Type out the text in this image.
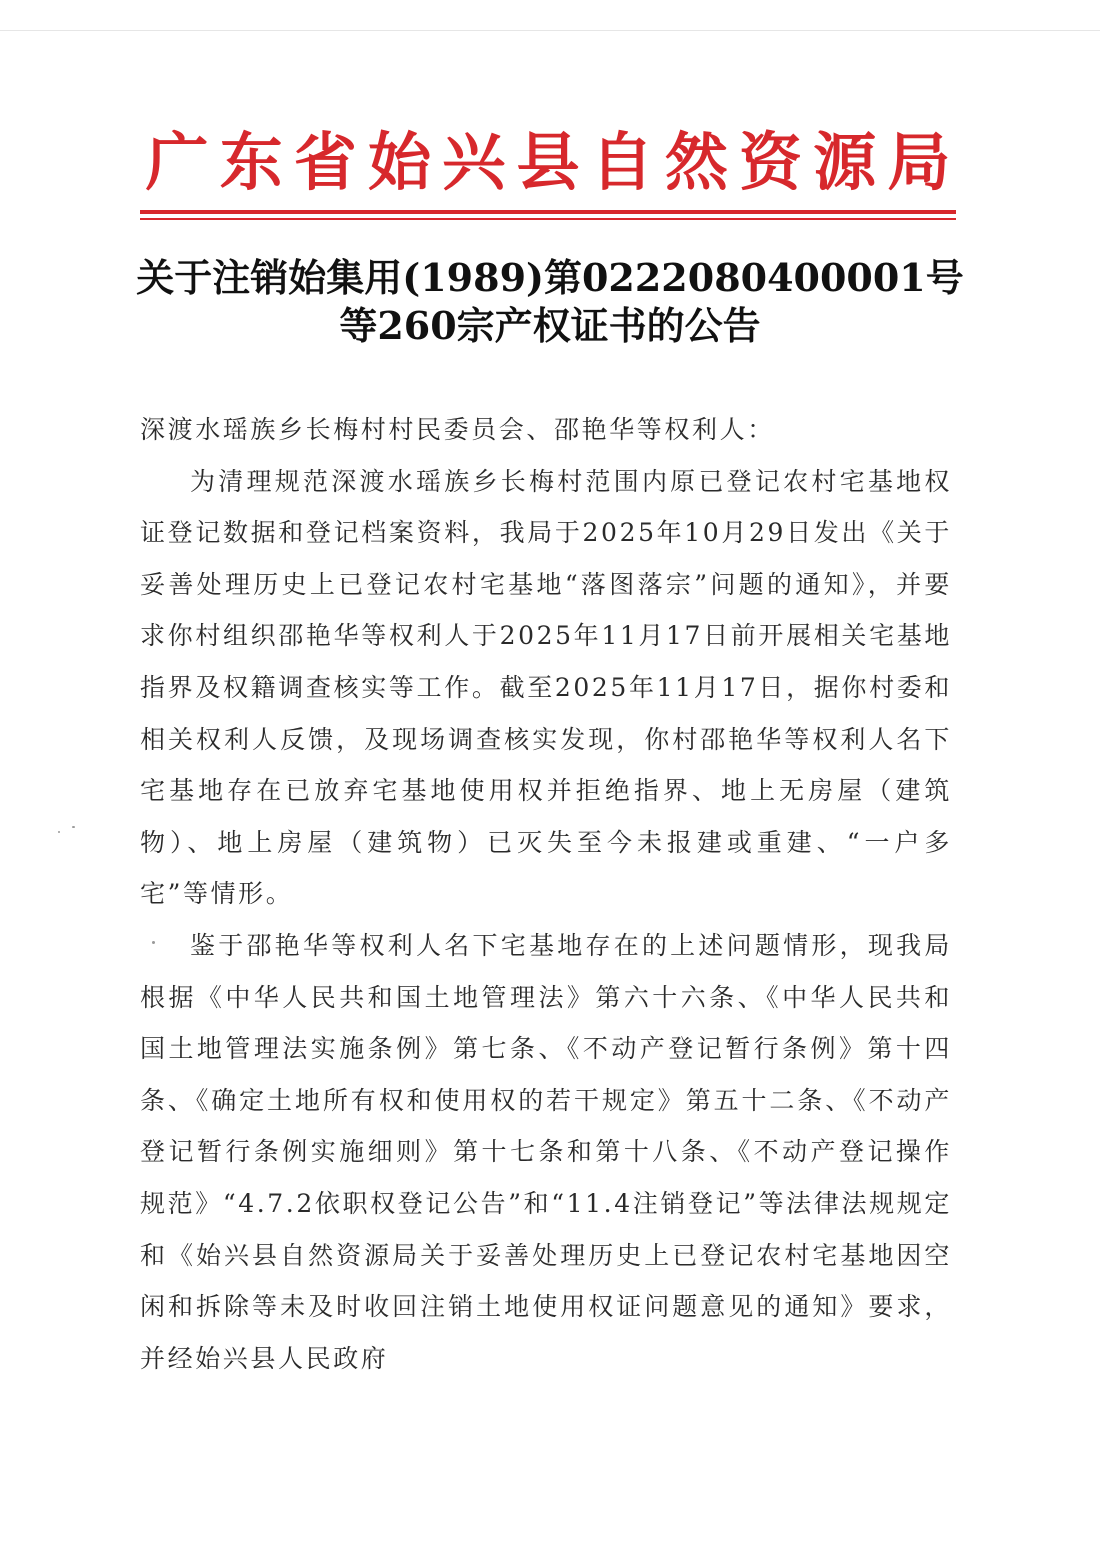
广 东 省 始 兴 县 自 然 资 源 局
关于注销始集用(1989)第0222080400001号
等260宗产权证书的公告

深渡水瑶族乡长梅村村民委员会、邵艳华等权利人：

为清理规范深渡水瑶族乡长梅村范围内原已登记农村宅基地权证登记数据和登记档案资料，我局于2025年10月29日发出《关于妥善处理历史上已登记农村宅基地“落图落宗”问题的通知》，并要求你村组织邵艳华等权利人于2025年11月17日前开展相关宅基地指界及权籍调查核实等工作。截至2025年11月17日，据你村委和相关权利人反馈，及现场调查核实发现，你村邵艳华等权利人名下宅基地存在已放弃宅基地使用权并拒绝指界、地上无房屋（建筑物）、地上房屋（建筑物）已灭失至今未报建或重建、“一户多宅”等情形。

鉴于邵艳华等权利人名下宅基地存在的上述问题情形，现我局根据《中华人民共和国土地管理法》第六十六条、《中华人民共和国土地管理法实施条例》第七条、《不动产登记暂行条例》第十四条、《确定土地所有权和使用权的若干规定》第五十二条、《不动产登记暂行条例实施细则》第十七条和第十八条、《不动产登记操作规范》“4.7.2依职权登记公告”和“11.4注销登记”等法律法规规定和《始兴县自然资源局关于妥善处理历史上已登记农村宅基地因空闲和拆除等未及时收回注销土地使用权证问题意见的通知》要求，并经始兴县人民政府
